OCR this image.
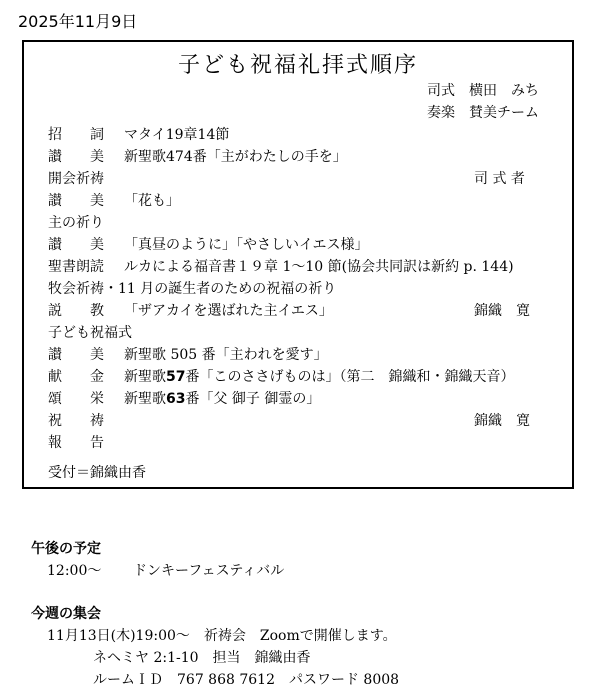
2025年11月9日
子ども祝福礼拝式順序
司式　横田　みち
奏楽　賛美チーム
招　　詞 マタイ19章14節
讃　　美 新聖歌474番「主がわたしの手を」
開会祈祷	司 式 者
讃　　美 「花も」
主の祈り
讃　　美 「真昼のように」「やさしいイエス様」
聖書朗読 ルカによる福音書１９章 1〜10 節(協会共同訳は新約 p. 144)
牧会祈祷・11 月の誕生者のための祝福の祈り
説　　教 「ザアカイを選ばれた主イエス」	錦織　寛
子ども祝福式
讃　　美 新聖歌 505 番「主われを愛す」
献　　金 新聖歌57番「このささげものは」（第二　錦織和・錦織天音）
頌　　栄 新聖歌63番「父 御子 御霊の」
祝　　祷	錦織　寛
報　　告
受付＝錦織由香
午後の予定
12:00〜 ドンキーフェスティバル
今週の集会
11月13日(木)19:00〜　祈祷会　Zoomで開催します。
ネヘミヤ 2:1-10　担当　錦織由香
ルームＩＤ　767 868 7612　パスワード 8008
